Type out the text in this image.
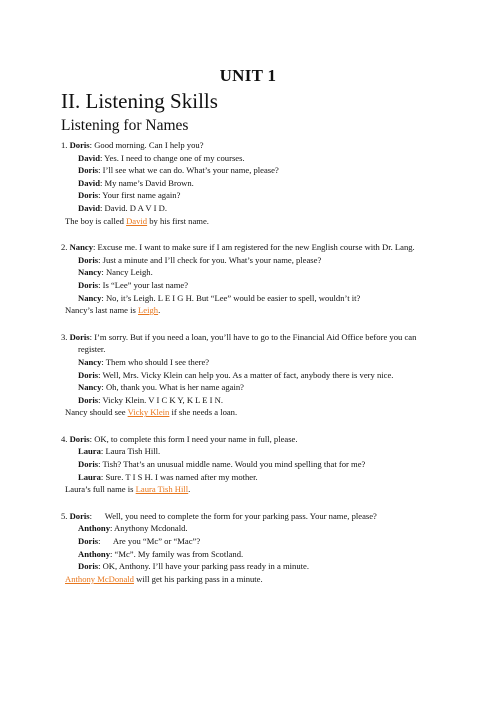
UNIT 1
II. Listening Skills
Listening for Names
1. Doris: Good morning. Can I help you?
David: Yes. I need to change one of my courses.
Doris: I’ll see what we can do. What’s your name, please?
David: My name’s David Brown.
Doris: Your first name again?
David: David. D A V I D.
The boy is called David by his first name.
2. Nancy: Excuse me. I want to make sure if I am registered for the new English course with Dr. Lang.
Doris: Just a minute and I’ll check for you. What’s your name, please?
Nancy: Nancy Leigh.
Doris: Is “Lee” your last name?
Nancy: No, it’s Leigh. L E I G H. But “Lee” would be easier to spell, wouldn’t it?
Nancy’s last name is Leigh.
3. Doris: I’m sorry. But if you need a loan, you’ll have to go to the Financial Aid Office before you can register.
Nancy: Them who should I see there?
Doris: Well, Mrs. Vicky Klein can help you. As a matter of fact, anybody there is very nice.
Nancy: Oh, thank you. What is her name again?
Doris: Vicky Klein. V I C K Y, K L E I N.
Nancy should see Vicky Klein if she needs a loan.
4. Doris: OK, to complete this form I need your name in full, please.
Laura: Laura Tish Hill.
Doris: Tish? That’s an unusual middle name. Would you mind spelling that for me?
Laura: Sure. T I S H. I was named after my mother.
Laura’s full name is Laura Tish Hill.
5. Doris:      Well, you need to complete the form for your parking pass. Your name, please?
Anthony: Anythony Mcdonald.
Doris:      Are you “Mc” or “Mac”?
Anthony: “Mc”. My family was from Scotland.
Doris: OK, Anthony. I’ll have your parking pass ready in a minute.
Anthony McDonald will get his parking pass in a minute.
